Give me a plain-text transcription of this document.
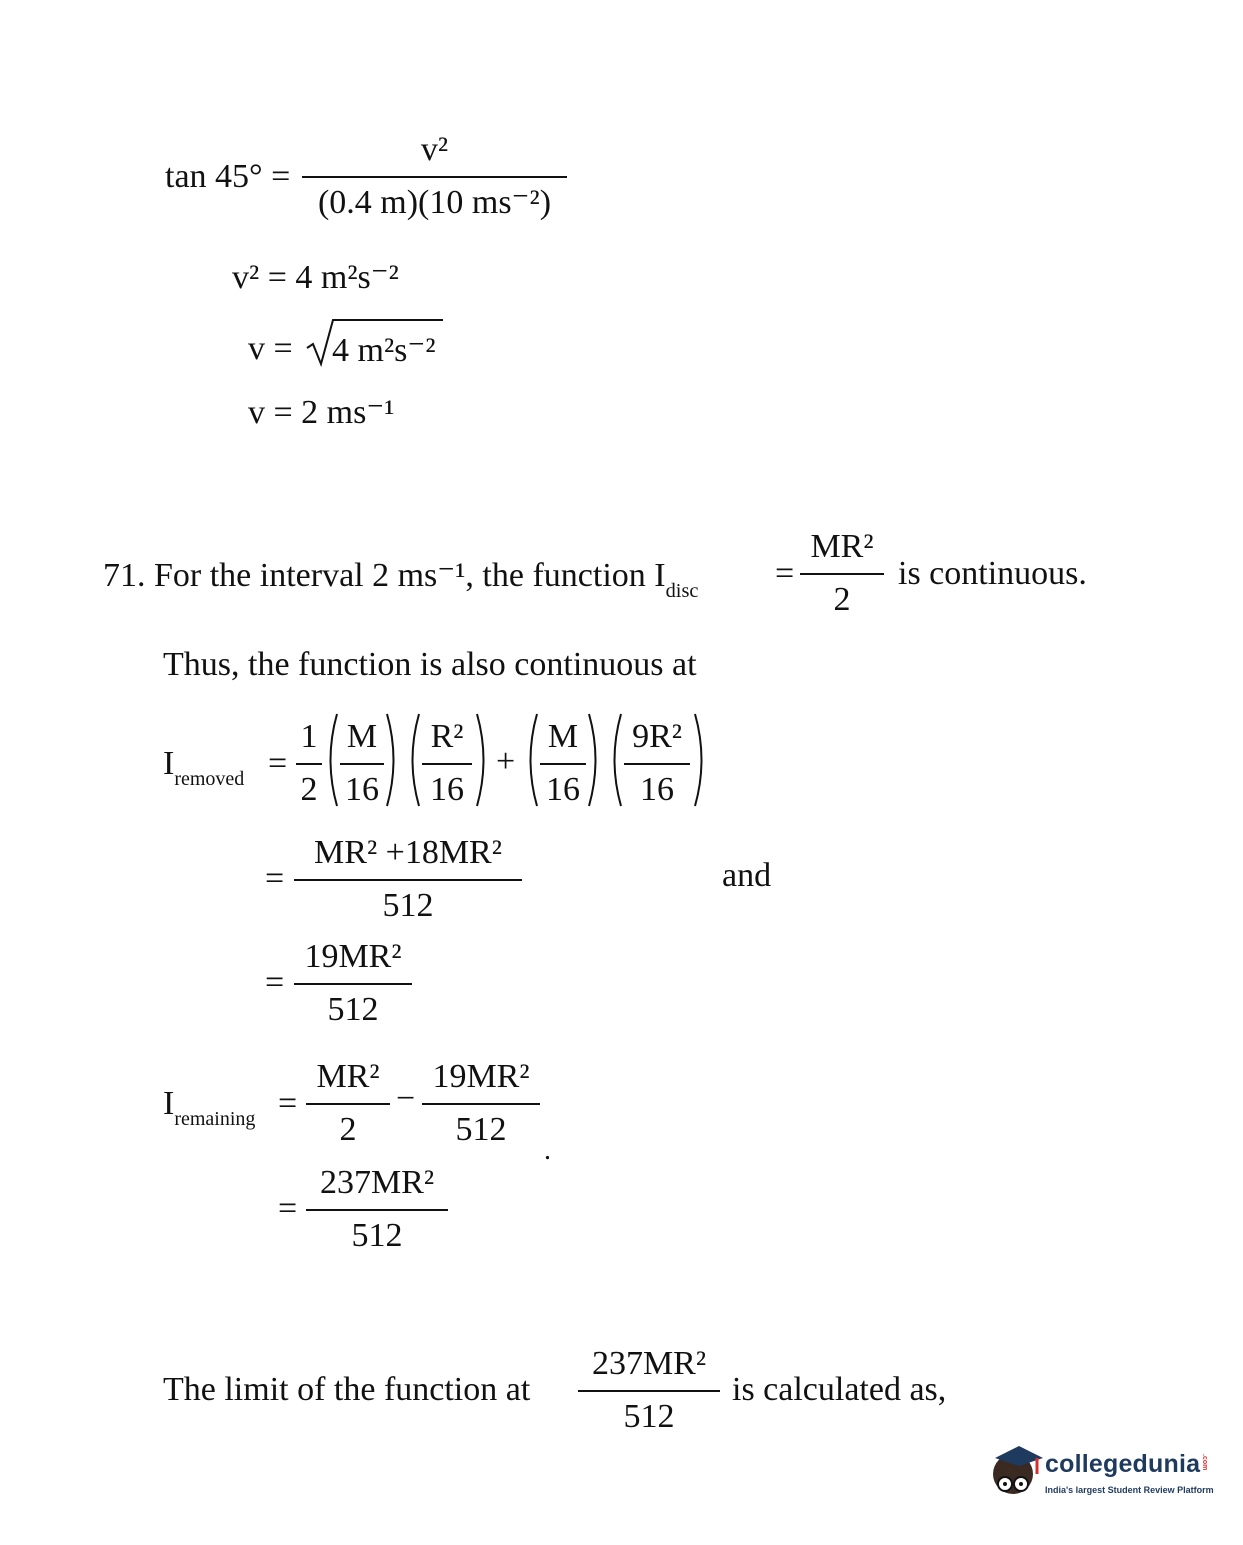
tan 45° =
v²
(0.4 m)(10 ms⁻²)
v² = 4 m²s⁻²
v = 4 m²s⁻²
v = 2 ms⁻¹
71. For the interval 2 ms⁻¹, the function $I_{disc}$ =
MR²
2
is continuous.
Thus, the function is also continuous at
$I_{removed}$ =
1
2
M
16
R²
16
+
M
16
9R²
16
=
MR² +18MR²
512
and
=
19MR²
512
$I_{remaining}$ =
MR²
2
−
19MR²
512
.
=
237MR²
512
The limit of the function at
237MR²
512
is calculated as,
collegedunia .com
India's largest Student Review Platform
